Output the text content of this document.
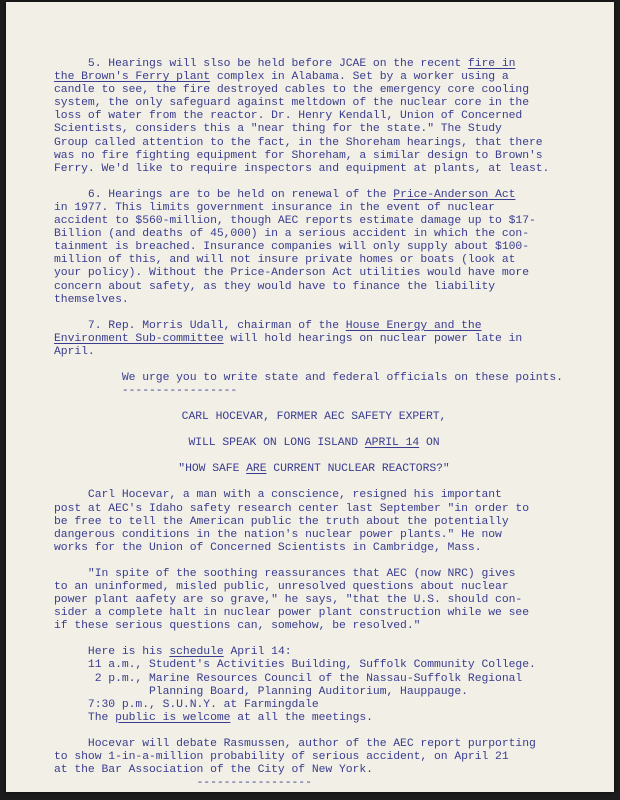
5. Hearings will slso be held before JCAE on the recent fire in

the Brown's Ferry plant complex in Alabama. Set by a worker using a

candle to see, the fire destroyed cables to the emergency core cooling

system, the only safeguard against meltdown of the nuclear core in the

loss of water from the reactor. Dr. Henry Kendall, Union of Concerned

Scientists, considers this a "near thing for the state." The Study

Group called attention to the fact, in the Shoreham hearings, that there

was no fire fighting equipment for Shoreham, a similar design to Brown's

Ferry. We'd like to require inspectors and equipment at plants, at least.

6. Hearings are to be held on renewal of the Price-Anderson Act

in 1977. This limits government insurance in the event of nuclear

accident to $560-million, though AEC reports estimate damage up to $17-

Billion (and deaths of 45,000) in a serious accident in which the con-

tainment is breached. Insurance companies will only supply about $100-

million of this, and will not insure private homes or boats (look at

your policy). Without the Price-Anderson Act utilities would have more

concern about safety, as they would have to finance the liability

themselves.

7. Rep. Morris Udall, chairman of the House Energy and the

Environment Sub-committee will hold hearings on nuclear power late in

April.

We urge you to write state and federal officials on these points.

-----------------

CARL HOCEVAR, FORMER AEC SAFETY EXPERT,

WILL SPEAK ON LONG ISLAND APRIL 14 ON

"HOW SAFE ARE CURRENT NUCLEAR REACTORS?"

Carl Hocevar, a man with a conscience, resigned his important

post at AEC's Idaho safety research center last September "in order to

be free to tell the American public the truth about the potentially

dangerous conditions in the nation's nuclear power plants." He now

works for the Union of Concerned Scientists in Cambridge, Mass.

"In spite of the soothing reassurances that AEC (now NRC) gives

to an uninformed, misled public, unresolved questions about nuclear

power plant aafety are so grave," he says, "that the U.S. should con-

sider a complete halt in nuclear power plant construction while we see

if these serious questions can, somehow, be resolved."

Here is his schedule April 14:

11 a.m., Student's Activities Building, Suffolk Community College.

2 p.m., Marine Resources Council of the Nassau-Suffolk Regional

Planning Board, Planning Auditorium, Hauppauge.

7:30 p.m., S.U.N.Y. at Farmingdale

The public is welcome at all the meetings.

Hocevar will debate Rasmussen, author of the AEC report purporting

to show 1-in-a-million probability of serious accident, on April 21

at the Bar Association of the City of New York.

-----------------
